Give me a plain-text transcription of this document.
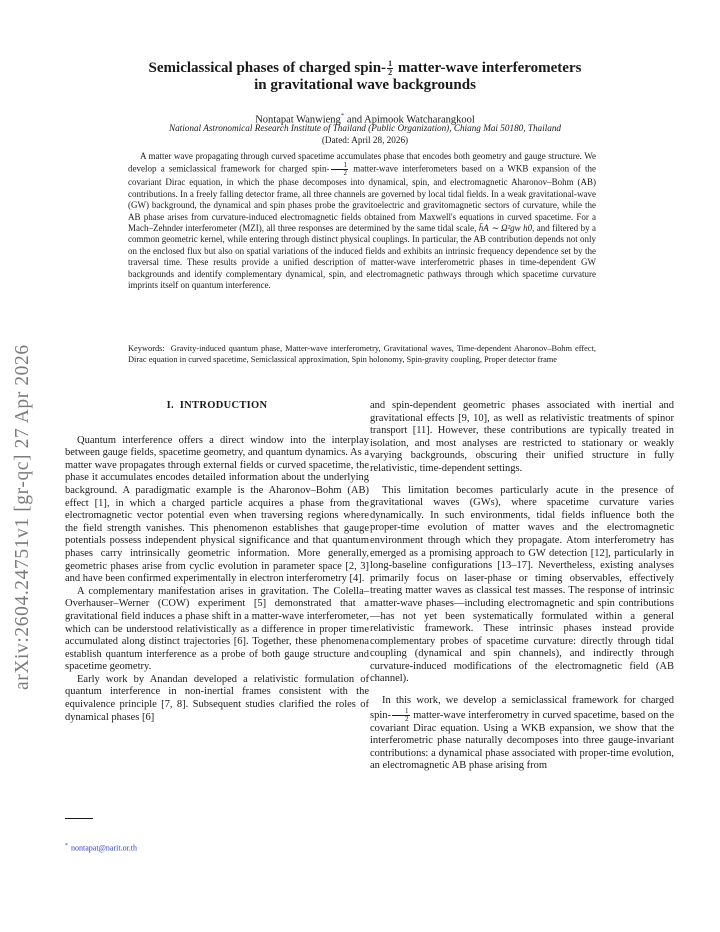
arXiv:2604.24751v1 [gr-qc] 27 Apr 2026
Semiclassical phases of charged spin- $\frac{1}{2}$ matter-wave interferometers
in gravitational wave backgrounds
Nontapat Wanwieng* and Apimook Watcharangkool
National Astronomical Research Institute of Thailand (Public Organization), Chiang Mai 50180, Thailand
(Dated: April 28, 2026)

A matter wave propagating through curved spacetime accumulates phase that encodes both geometry and gauge structure. We develop a semiclassical framework for charged spin- $\frac{1}{2}$ matter-wave interferometers based on a WKB expansion of the covariant Dirac equation, in which the phase decomposes into dynamical, spin, and electromagnetic Aharonov–Bohm (AB) contributions. In a freely falling detector frame, all three channels are governed by local tidal fields. In a weak gravitational-wave (GW) background, the dynamical and spin phases probe the gravitoelectric and gravitomagnetic sectors of curvature, while the AB phase arises from curvature-induced electromagnetic fields obtained from Maxwell's equations in curved spacetime. For a Mach–Zehnder interferometer (MZI), all three responses are determined by the same tidal scale, h̄A ∼ Ω²gw h0, and filtered by a common geometric kernel, while entering through distinct physical couplings. In particular, the AB contribution depends not only on the enclosed flux but also on spatial variations of the induced fields and exhibits an intrinsic frequency dependence set by the traversal time. These results provide a unified description of matter-wave interferometric phases in time-dependent GW backgrounds and identify complementary dynamical, spin, and electromagnetic pathways through which spacetime curvature imprints itself on quantum interference.

Keywords: Gravity-induced quantum phase, Matter-wave interferometry, Gravitational waves, Time-dependent Aharonov–Bohm effect, Dirac equation in curved spacetime, Semiclassical approximation, Spin holonomy, Spin-gravity coupling, Proper detector frame

I. INTRODUCTION

Quantum interference offers a direct window into the interplay between gauge fields, spacetime geometry, and quantum dynamics. As a matter wave propagates through external fields or curved spacetime, the phase it accumulates encodes detailed information about the underlying background. A paradigmatic example is the Aharonov–Bohm (AB) effect [1], in which a charged particle acquires a phase from the electromagnetic vector potential even when traversing regions where the field strength vanishes. This phenomenon establishes that gauge potentials possess independent physical significance and that quantum phases carry intrinsically geometric information. More generally, geometric phases arise from cyclic evolution in parameter space [2, 3] and have been confirmed experimentally in electron interferometry [4].

A complementary manifestation arises in gravitation. The Colella–Overhauser–Werner (COW) experiment [5] demonstrated that a gravitational field induces a phase shift in a matter-wave interferometer, which can be understood relativistically as a difference in proper time accumulated along distinct trajectories [6]. Together, these phenomena establish quantum interference as a probe of both gauge structure and spacetime geometry.

Early work by Anandan developed a relativistic formulation of quantum interference in non-inertial frames consistent with the equivalence principle [7, 8]. Subsequent studies clarified the roles of dynamical phases [6]

and spin-dependent geometric phases associated with inertial and gravitational effects [9, 10], as well as relativistic treatments of spinor transport [11]. However, these contributions are typically treated in isolation, and most analyses are restricted to stationary or weakly varying backgrounds, obscuring their unified structure in fully relativistic, time-dependent settings.

This limitation becomes particularly acute in the presence of gravitational waves (GWs), where spacetime curvature varies dynamically. In such environments, tidal fields influence both the proper-time evolution of matter waves and the electromagnetic environment through which they propagate. Atom interferometry has emerged as a promising approach to GW detection [12], particularly in long-baseline configurations [13–17]. Nevertheless, existing analyses primarily focus on laser-phase or timing observables, effectively treating matter waves as classical test masses. The response of intrinsic matter-wave phases—including electromagnetic and spin contributions—has not yet been systematically formulated within a general relativistic framework. These intrinsic phases instead provide complementary probes of spacetime curvature: directly through tidal coupling (dynamical and spin channels), and indirectly through curvature-induced modifications of the electromagnetic field (AB channel).

In this work, we develop a semiclassical framework for charged spin- $\frac{1}{2}$ matter-wave interferometry in curved spacetime, based on the covariant Dirac equation. Using a WKB expansion, we show that the interferometric phase naturally decomposes into three gauge-invariant contributions: a dynamical phase associated with proper-time evolution, an electromagnetic AB phase arising from

* nontapat@narit.or.th
